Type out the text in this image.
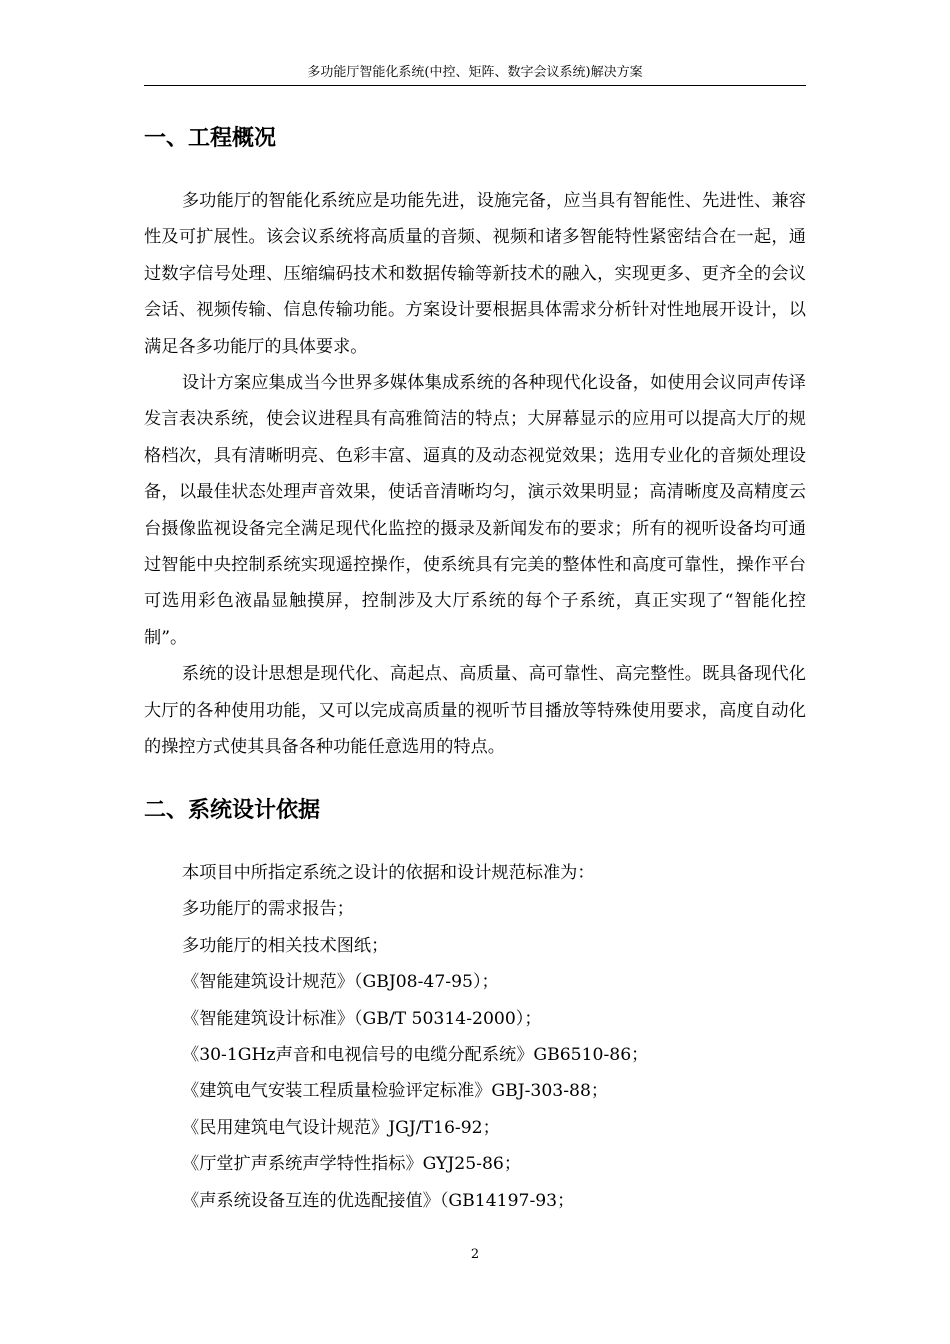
多功能厅智能化系统(中控、矩阵、数字会议系统)解决方案
一、工程概况

多功能厅的智能化系统应是功能先进，设施完备，应当具有智能性、先进性、兼容性及可扩展性。该会议系统将高质量的音频、视频和诸多智能特性紧密结合在一起，通过数字信号处理、压缩编码技术和数据传输等新技术的融入，实现更多、更齐全的会议会话、视频传输、信息传输功能。方案设计要根据具体需求分析针对性地展开设计，以满足各多功能厅的具体要求。

设计方案应集成当今世界多媒体集成系统的各种现代化设备，如使用会议同声传译发言表决系统，使会议进程具有高雅简洁的特点；大屏幕显示的应用可以提高大厅的规格档次，具有清晰明亮、色彩丰富、逼真的及动态视觉效果；选用专业化的音频处理设备，以最佳状态处理声音效果，使话音清晰均匀，演示效果明显；高清晰度及高精度云台摄像监视设备完全满足现代化监控的摄录及新闻发布的要求；所有的视听设备均可通过智能中央控制系统实现遥控操作，使系统具有完美的整体性和高度可靠性，操作平台可选用彩色液晶显触摸屏，控制涉及大厅系统的每个子系统，真正实现了“智能化控制”。

系统的设计思想是现代化、高起点、高质量、高可靠性、高完整性。既具备现代化大厅的各种使用功能，又可以完成高质量的视听节目播放等特殊使用要求，高度自动化的操控方式使其具备各种功能任意选用的特点。

二、系统设计依据
本项目中所指定系统之设计的依据和设计规范标准为：
多功能厅的需求报告；
多功能厅的相关技术图纸；
《智能建筑设计规范》（GBJ08-47-95）；
《智能建筑设计标准》（GB/T 50314-2000）；
《30-1GHz声音和电视信号的电缆分配系统》GB6510-86；
《建筑电气安装工程质量检验评定标准》GBJ-303-88；
《民用建筑电气设计规范》JGJ/T16-92；
《厅堂扩声系统声学特性指标》GYJ25-86；
《声系统设备互连的优选配接值》（GB14197-93；
2
